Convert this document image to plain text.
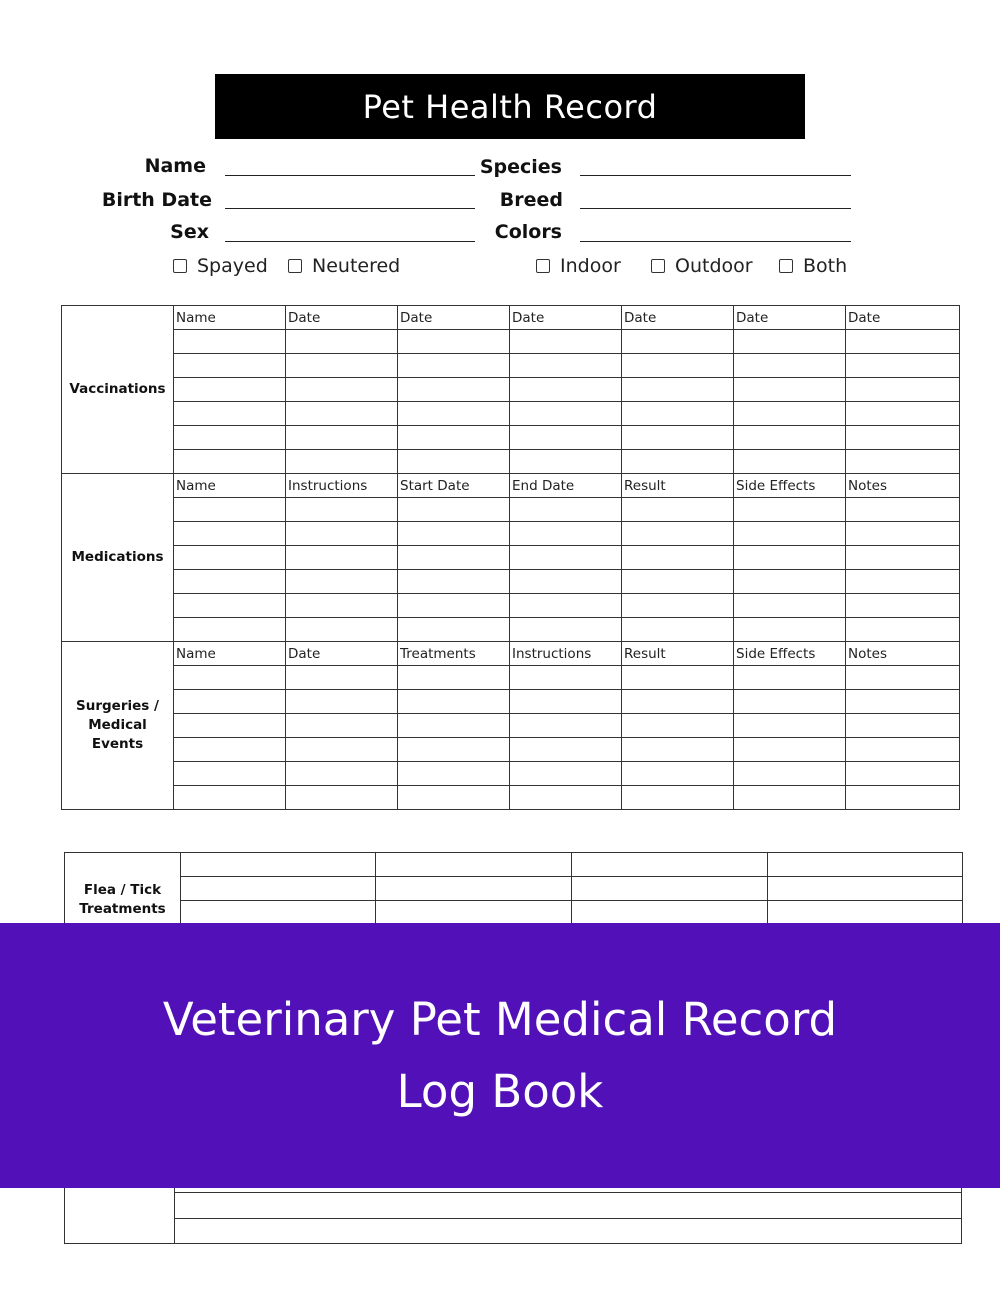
Pet Health Record
Name
Birth Date
Sex
Species
Breed
Colors
Spayed Neutered	Indoor	Outdoor	Both
Vaccinations	Name	Date	Date	Date	Date	Date	Date

Medications	Name	Instructions	Start Date	End Date	Result	Side Effects	Notes

Surgeries /
Medical Events	Name	Date	Treatments	Instructions	Result	Side Effects	Notes

Flea / Tick
Treatments				

Veterinary Pet Medical Record
Log Book
